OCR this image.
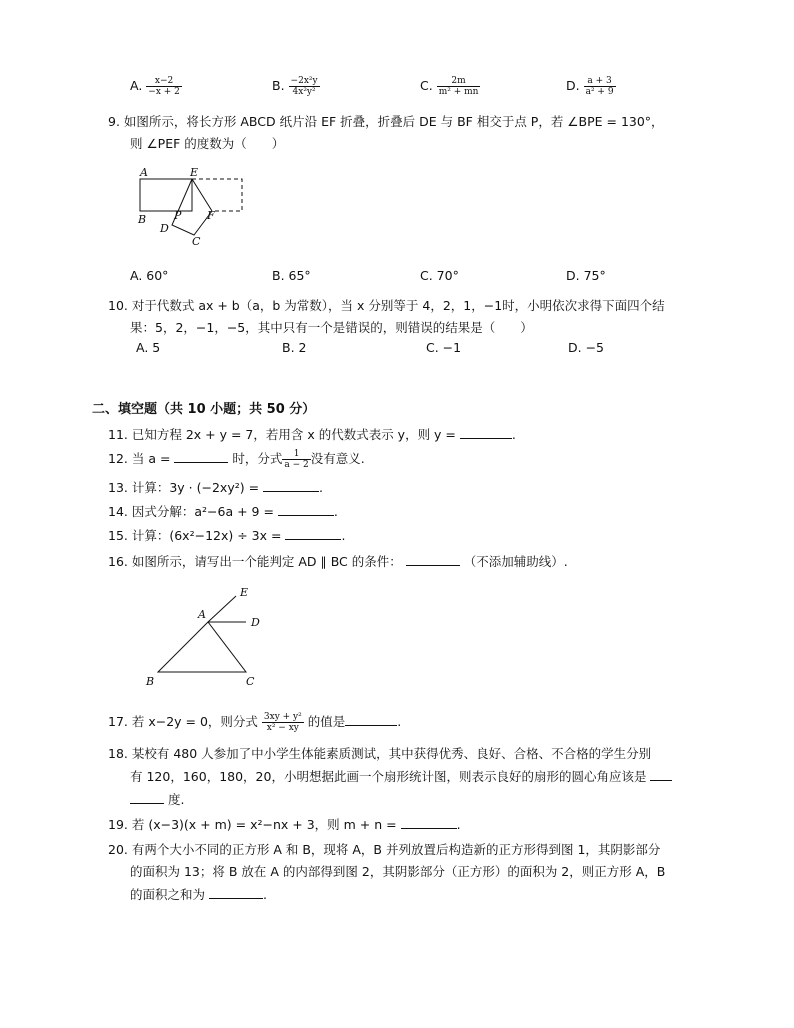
A. $\frac{x-2}{-x + 2}$	B. $\frac{\text{−2x²y}}{\text{4x²y²}}$	C. $\frac{2m}{\text{m² + mn}}$	D. $\frac{a + 3}{\text{a² + 9}}$
9. 如图所示，将长方形 ABCD 纸片沿 EF 折叠，折叠后 DE 与 BF 相交于点 P，若 ∠BPE = 130°，
则 ∠PEF 的度数为（　　）
A	E
B	P F
D
C
A. 60°	B. 65°	C. 70°	D. 75°
10. 对于代数式 ax + b（a，b 为常数），当 x 分别等于 4，2，1，−1时，小明依次求得下面四个结
果：5，2，−1，−5，其中只有一个是错误的，则错误的结果是（　　）
A. 5	B. 2	C. −1	D. −5
二、填空题（共 10 小题；共 50 分）
11. 已知方程 2x + y = 7，若用含 x 的代数式表示 y，则 y =	.
12. 当 a =	时，分式 $\frac{1}{a - 2}$ 没有意义.
13. 计算：3y · (−2xy²) =	.
14. 因式分解：a²−6a + 9 =	.
15. 计算：(6x²−12x) ÷ 3x =	.
16. 如图所示，请写出一个能判定 AD ∥ BC 的条件：	（不添加辅助线）.
A
E
D
B	C
17. 若 x−2y = 0，则分式 $\frac{\text{3xy + y²}}{\text{x² − xy}}$ 的值是	.
18. 某校有 480 人参加了中小学生体能素质测试，其中获得优秀、良好、合格、不合格的学生分别
有 120，160，180，20，小明想据此画一个扇形统计图，则表示良好的扇形的圆心角应该是
度.
19. 若 (x−3)(x + m) = x²−nx + 3，则 m + n =	.
20. 有两个大小不同的正方形 A 和 B，现将 A，B 并列放置后构造新的正方形得到图 1，其阴影部分
的面积为 13；将 B 放在 A 的内部得到图 2，其阴影部分（正方形）的面积为 2，则正方形 A，B
的面积之和为	.
